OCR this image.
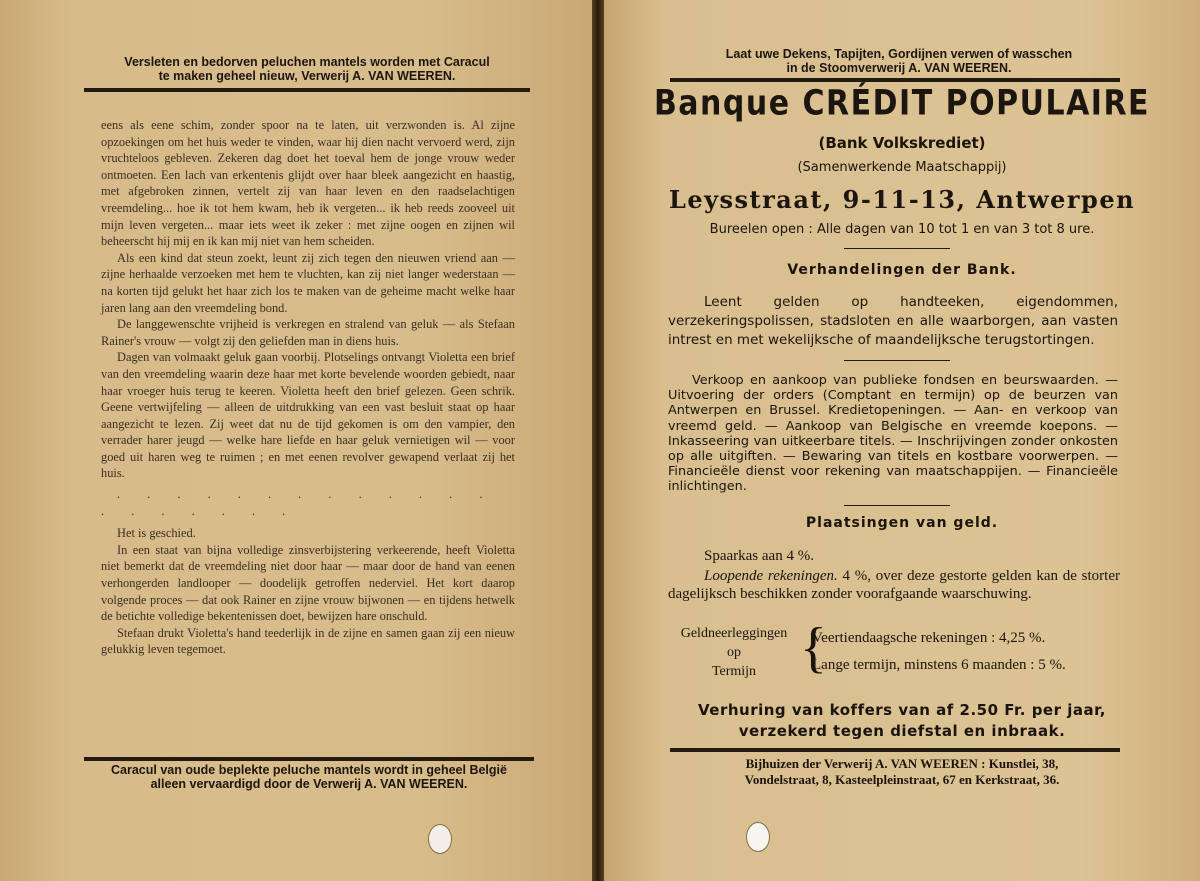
Versleten en bedorven peluchen mantels worden met Caracul
te maken geheel nieuw, Verwerij A. VAN WEEREN.

eens als eene schim, zonder spoor na te laten, uit verzwonden is. Al zijne opzoekingen om het huis weder te vinden, waar hij dien nacht vervoerd werd, zijn vruchteloos gebleven. Zekeren dag doet het toeval hem de jonge vrouw weder ontmoeten. Een lach van erkentenis glijdt over haar bleek aangezicht en haastig, met afgebroken zinnen, vertelt zij van haar leven en den raadselachtigen vreemdeling... hoe ik tot hem kwam, heb ik vergeten... ik heb reeds zooveel uit mijn leven vergeten... maar iets weet ik zeker : met zijne oogen en zijnen wil beheerscht hij mij en ik kan mij niet van hem scheiden.

Als een kind dat steun zoekt, leunt zij zich tegen den nieuwen vriend aan — zijne herhaalde verzoeken met hem te vluchten, kan zij niet langer wederstaan — na korten tijd gelukt het haar zich los te maken van de geheime macht welke haar jaren lang aan den vreemdeling bond.

De langgewenschte vrijheid is verkregen en stralend van geluk — als Stefaan Rainer's vrouw — volgt zij den geliefden man in diens huis.

Dagen van volmaakt geluk gaan voorbij. Plotselings ontvangt Violetta een brief van den vreemdeling waarin deze haar met korte bevelende woorden gebiedt, naar haar vroeger huis terug te keeren. Violetta heeft den brief gelezen. Geen schrik. Geene vertwijfeling — alleen de uitdrukking van een vast besluit staat op haar aangezicht te lezen. Zij weet dat nu de tijd gekomen is om den vampier, den verrader harer jeugd — welke hare liefde en haar geluk vernietigen wil — voor goed uit haren weg te ruimen ; en met eenen revolver gewapend verlaat zij het huis.

. . . . . . . . . . . . . . . . . . . .

Het is geschied.

In een staat van bijna volledige zinsverbijstering verkeerende, heeft Violetta niet bemerkt dat de vreemdeling niet door haar — maar door de hand van eenen verhongerden landlooper — doodelijk getroffen nederviel. Het kort daarop volgende proces — dat ook Rainer en zijne vrouw bijwonen — en tijdens hetwelk de betichte volledige bekentenissen doet, bewijzen hare onschuld.

Stefaan drukt Violetta's hand teederlijk in de zijne en samen gaan zij een nieuw gelukkig leven tegemoet.

Caracul van oude beplekte peluche mantels wordt in geheel België
alleen vervaardigd door de Verwerij A. VAN WEEREN.
Laat uwe Dekens, Tapijten, Gordijnen verwen of wasschen
in de Stoomverwerij A. VAN WEEREN.
Banque CRÉDIT POPULAIRE
(Bank Volkskrediet)
(Samenwerkende Maatschappij)
Leysstraat, 9-11-13, Antwerpen
Bureelen open : Alle dagen van 10 tot 1 en van 3 tot 8 ure.
Verhandelingen der Bank.
Leent gelden op handteeken, eigendommen, verzekeringspolissen, stadsloten en alle waarborgen, aan vasten intrest en met wekelijksche of maandelijksche terugstortingen.
Verkoop en aankoop van publieke fondsen en beurswaarden. — Uitvoering der orders (Comptant en termijn) op de beurzen van Antwerpen en Brussel. Kredietopeningen. — Aan- en verkoop van vreemd geld. — Aankoop van Belgische en vreemde koepons. — Inkasseering van uitkeerbare titels. — Inschrijvingen zonder onkosten op alle uitgiften. — Bewaring van titels en kostbare voorwerpen. — Financieële dienst voor rekening van maatschappijen. — Financieële inlichtingen.
Plaatsingen van geld.
Spaarkas aan 4 %.
Loopende rekeningen. 4 %, over deze gestorte gelden kan de storter dagelijksch beschikken zonder voorafgaande waarschuwing.
Geldneerleggingen
op
Termijn {
Veertiendaagsche rekeningen : 4,25 %.
Lange termijn, minstens 6 maanden : 5 %.
Verhuring van koffers van af 2.50 Fr. per jaar,
verzekerd tegen diefstal en inbraak.
Bijhuizen der Verwerij A. VAN WEEREN : Kunstlei, 38,
Vondelstraat, 8, Kasteelpleinstraat, 67 en Kerkstraat, 36.
